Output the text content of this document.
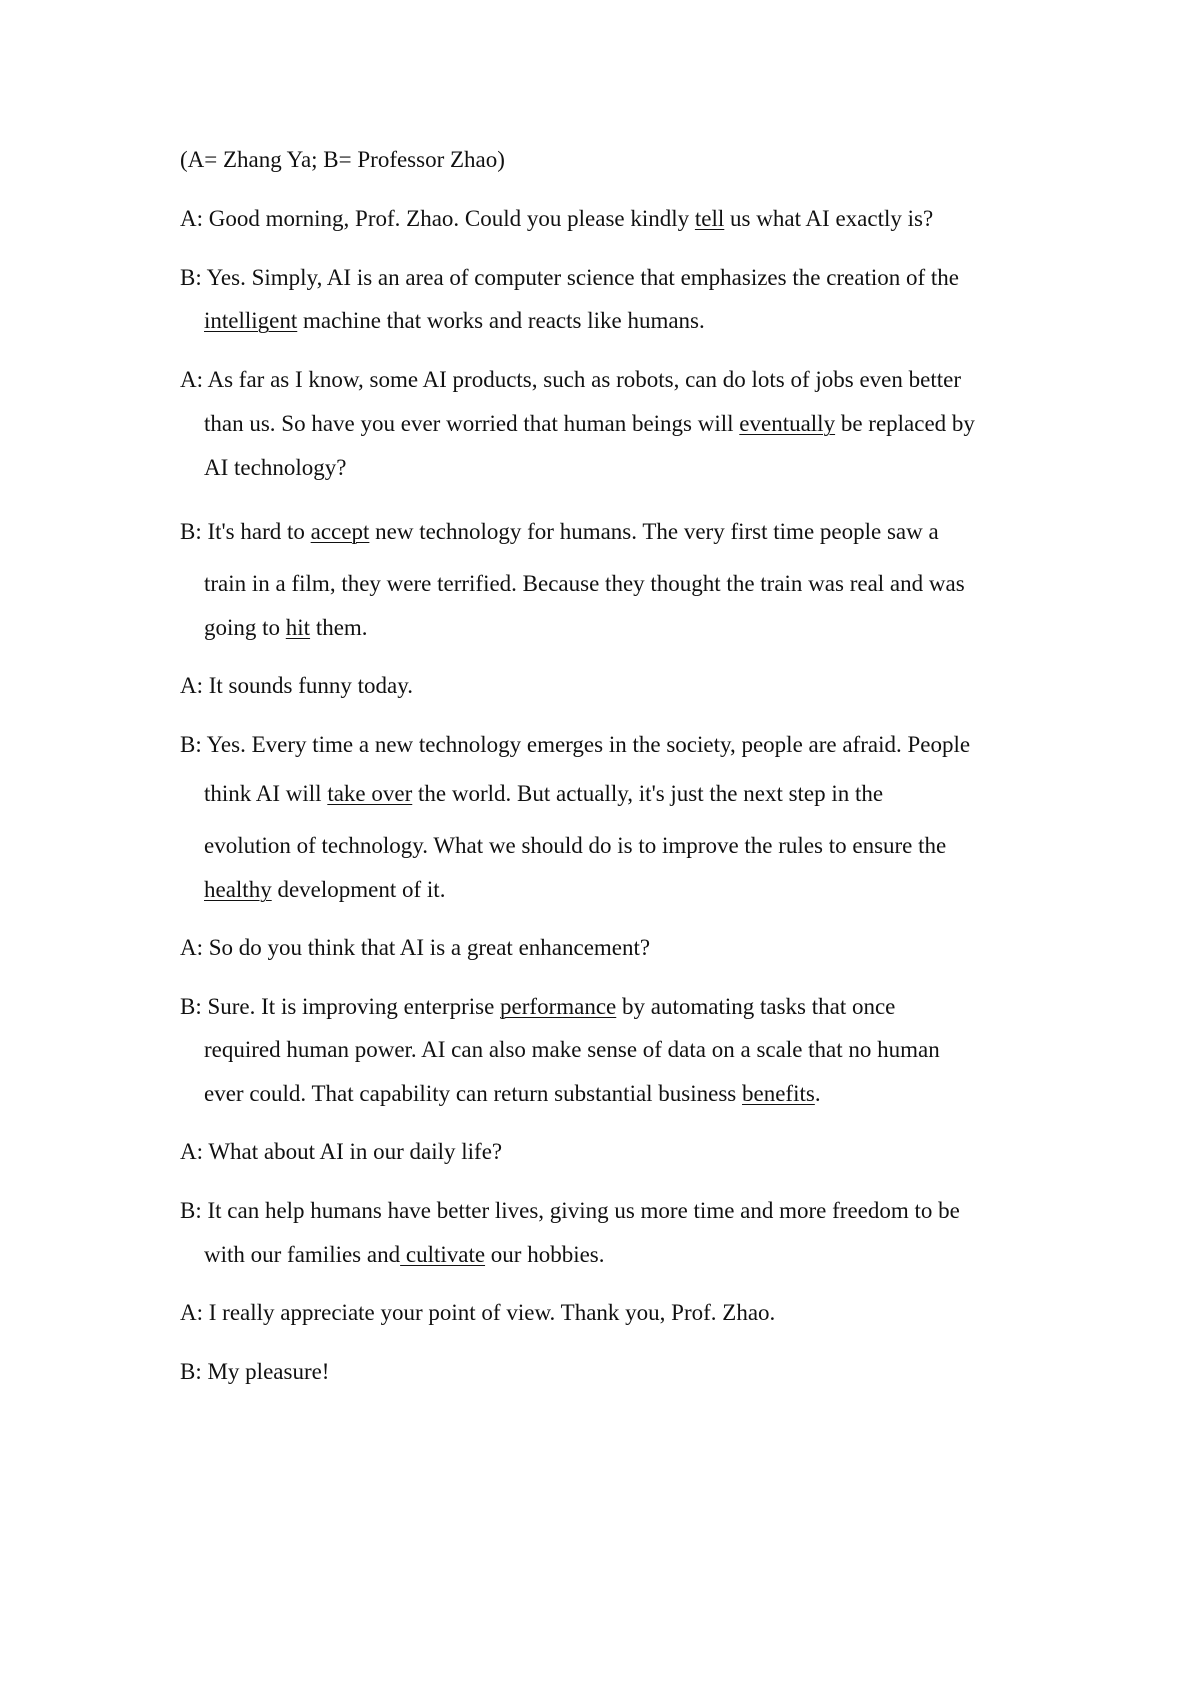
(A= Zhang Ya; B= Professor Zhao)

A: Good morning, Prof. Zhao. Could you please kindly tell us what AI exactly is?

B: Yes. Simply, AI is an area of computer science that emphasizes the creation of the

intelligent machine that works and reacts like humans.

A: As far as I know, some AI products, such as robots, can do lots of jobs even better

than us. So have you ever worried that human beings will eventually be replaced by

AI technology?

B: It's hard to accept new technology for humans. The very first time people saw a

train in a film, they were terrified. Because they thought the train was real and was

going to hit them.

A: It sounds funny today.

B: Yes. Every time a new technology emerges in the society, people are afraid. People

think AI will take over the world. But actually, it's just the next step in the

evolution of technology. What we should do is to improve the rules to ensure the

healthy development of it.

A: So do you think that AI is a great enhancement?

B: Sure. It is improving enterprise performance by automating tasks that once

required human power. AI can also make sense of data on a scale that no human

ever could. That capability can return substantial business benefits.

A: What about AI in our daily life?

B: It can help humans have better lives, giving us more time and more freedom to be

with our families and cultivate our hobbies.

A: I really appreciate your point of view. Thank you, Prof. Zhao.

B: My pleasure!
